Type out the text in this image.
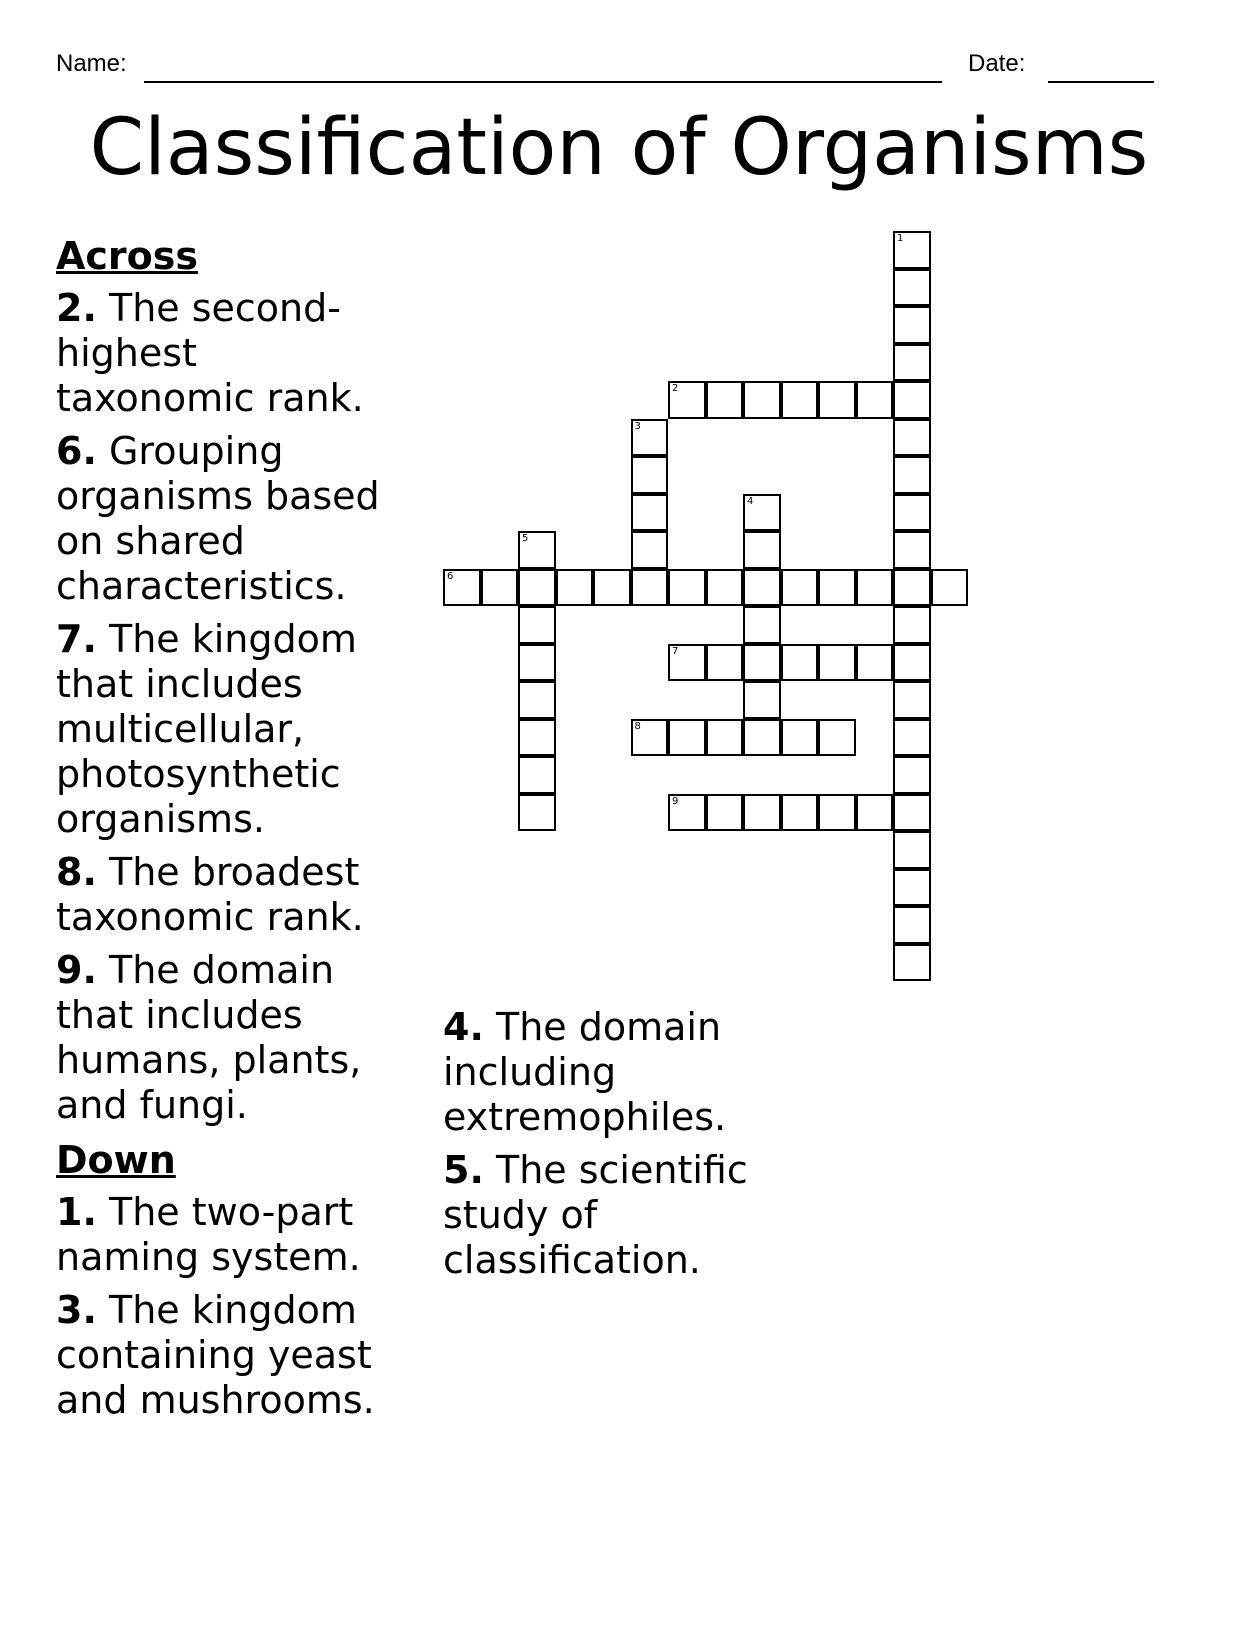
Name:	Date:
Classification of Organisms
Across
2. The second-highest taxonomic rank.
6. Grouping organisms based on shared characteristics.
7. The kingdom that includes multicellular, photosynthetic organisms.
8. The broadest taxonomic rank.
9. The domain that includes humans, plants, and fungi.
Down
1. The two-part naming system.
3. The kingdom containing yeast and mushrooms.
4. The domain including extremophiles.
5. The scientific study of classification.
1
2
3
4
5
6
7
8
9
